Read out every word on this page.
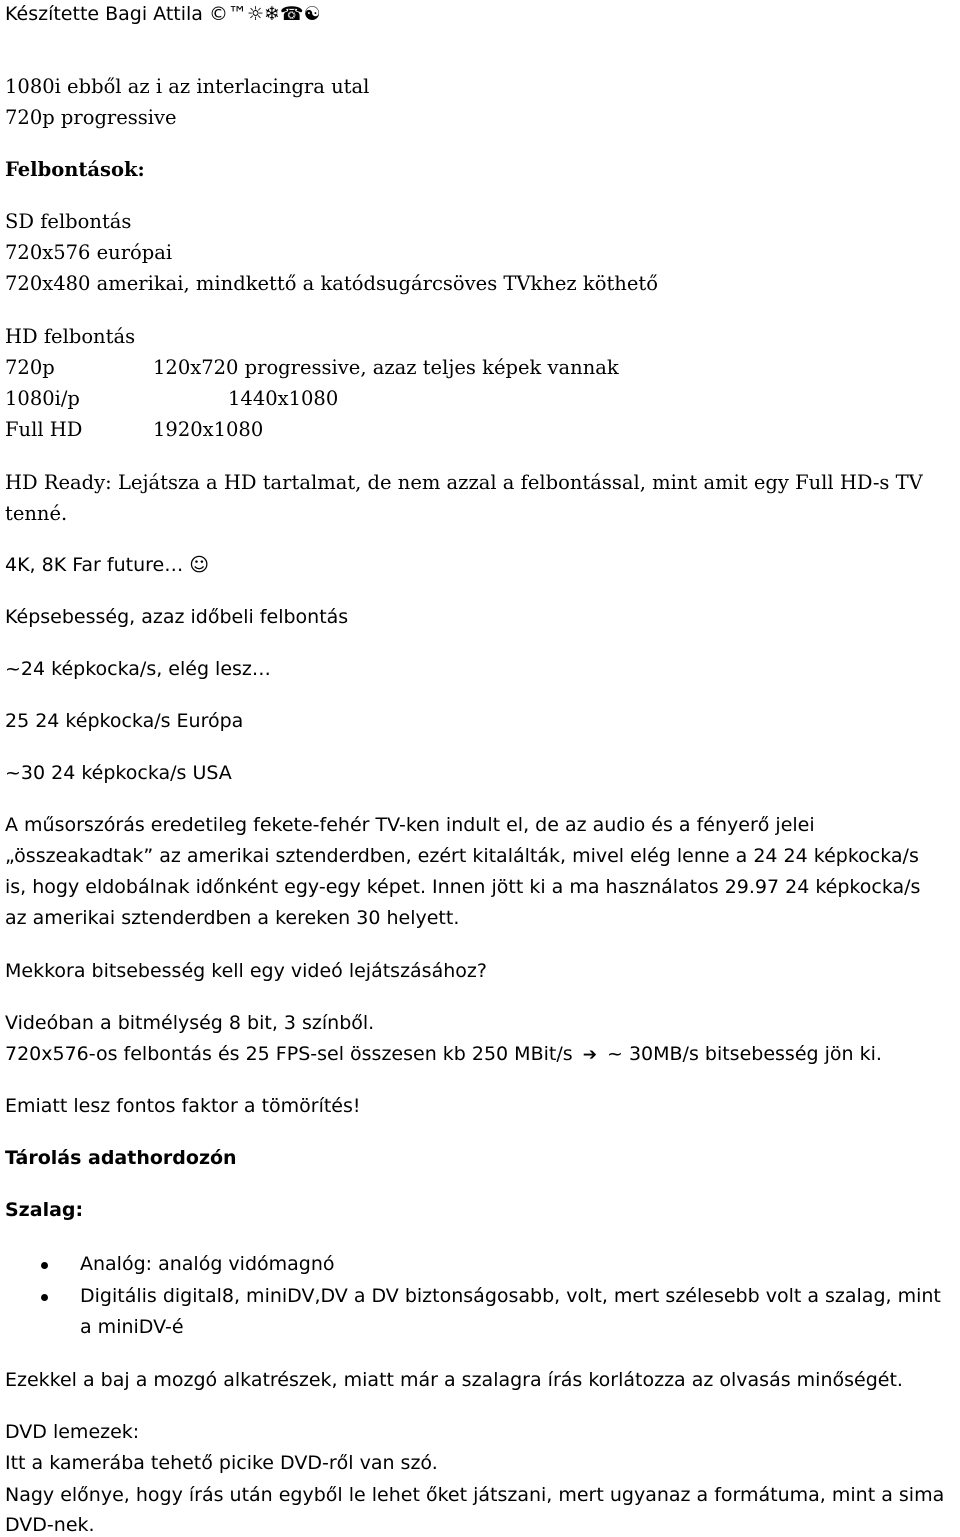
Készítette Bagi Attila ©™☼❄☎☯
1080i ebből az i az interlacingra utal
720p progressive
Felbontások:
SD felbontás
720x576 európai
720x480 amerikai, mindkettő a katódsugárcsöves TVkhez köthető
HD felbontás
720p	120x720 progressive, azaz teljes képek vannak
1080i/p	1440x1080
Full HD	1920x1080
HD Ready: Lejátsza a HD tartalmat, de nem azzal a felbontással, mint amit egy Full HD-s TV
tenné.
4K, 8K Far future… ☺
Képsebesség, azaz időbeli felbontás
~24 képkocka/s, elég lesz…
25 24 képkocka/s Európa
~30 24 képkocka/s USA
A műsorszórás eredetileg fekete-fehér TV-ken indult el, de az audio és a fényerő jelei
„összeakadtak” az amerikai sztenderdben, ezért kitalálták, mivel elég lenne a 24 24 képkocka/s
is, hogy eldobálnak időnként egy-egy képet. Innen jött ki a ma használatos 29.97 24 képkocka/s
az amerikai sztenderdben a kereken 30 helyett.
Mekkora bitsebesség kell egy videó lejátszásához?
Videóban a bitmélység 8 bit, 3 színből.
720x576-os felbontás és 25 FPS-sel összesen kb 250 MBit/s ➔ ~ 30MB/s bitsebesség jön ki.
Emiatt lesz fontos faktor a tömörítés!
Tárolás adathordozón
Szalag:
Analóg: analóg vidómagnó
Digitális digital8, miniDV,DV a DV biztonságosabb, volt, mert szélesebb volt a szalag, mint
a miniDV-é
Ezekkel a baj a mozgó alkatrészek, miatt már a szalagra írás korlátozza az olvasás minőségét.
DVD lemezek:
Itt a kamerába tehető picike DVD-ről van szó.
Nagy előnye, hogy írás után egyből le lehet őket játszani, mert ugyanaz a formátuma, mint a sima
DVD-nek.
